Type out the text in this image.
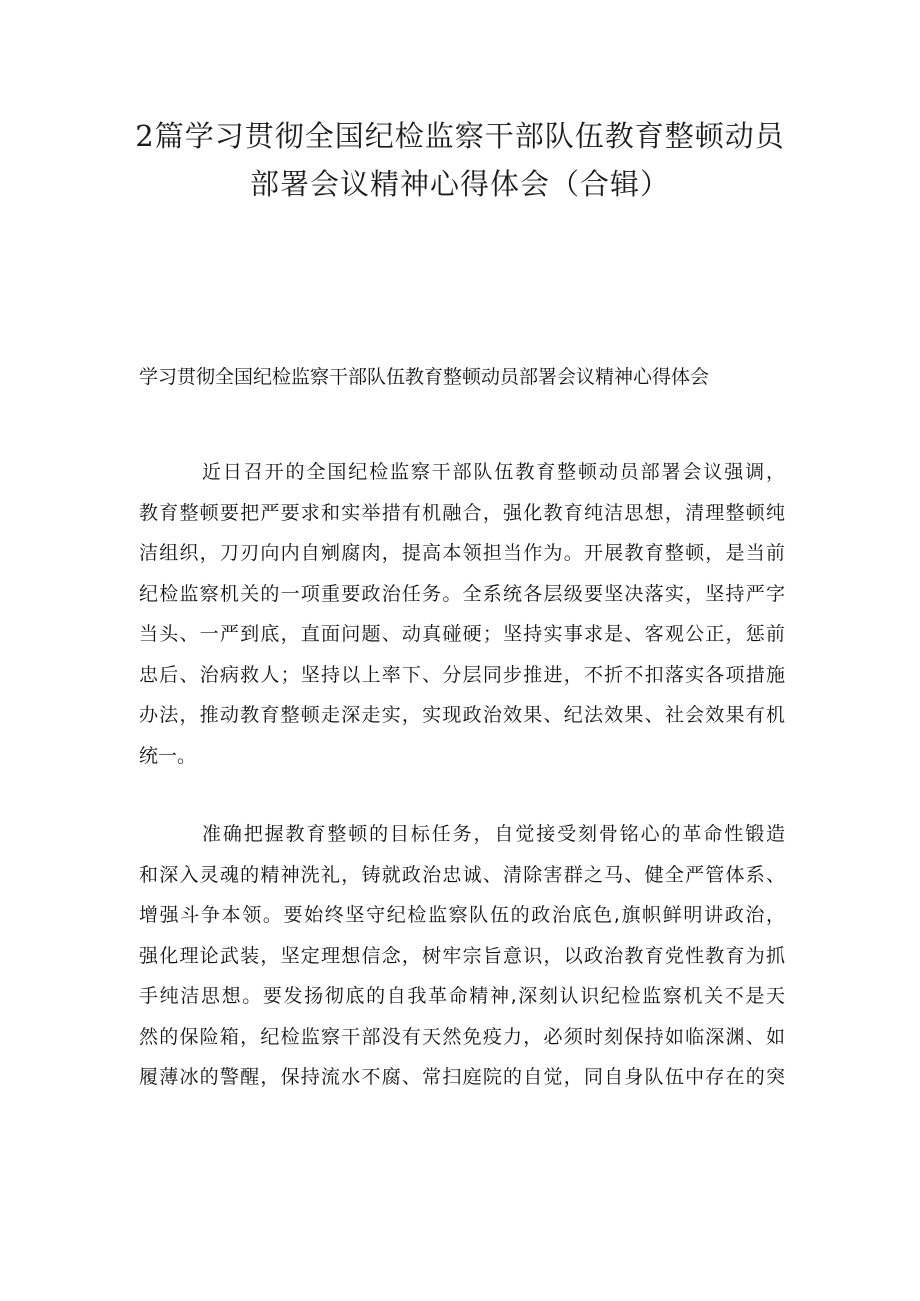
2篇学习贯彻全国纪检监察干部队伍教育整顿动员
部署会议精神心得体会（合辑）
学习贯彻全国纪检监察干部队伍教育整顿动员部署会议精神心得体会
近日召开的全国纪检监察干部队伍教育整顿动员部署会议强调，
教育整顿要把严要求和实举措有机融合，强化教育纯洁思想，清理整顿纯
洁组织，刀刃向内自剜腐肉，提高本领担当作为。开展教育整顿，是当前
纪检监察机关的一项重要政治任务。全系统各层级要坚决落实，坚持严字
当头、一严到底，直面问题、动真碰硬；坚持实事求是、客观公正，惩前
忠后、治病救人；坚持以上率下、分层同步推进，不折不扣落实各项措施
办法，推动教育整顿走深走实，实现政治效果、纪法效果、社会效果有机
统一。
准确把握教育整顿的目标任务，自觉接受刻骨铭心的革命性锻造
和深入灵魂的精神洗礼，铸就政治忠诚、清除害群之马、健全严管体系、
增强斗争本领。要始终坚守纪检监察队伍的政治底色,旗帜鲜明讲政治，
强化理论武装，坚定理想信念，树牢宗旨意识，以政治教育党性教育为抓
手纯洁思想。要发扬彻底的自我革命精神,深刻认识纪检监察机关不是天
然的保险箱，纪检监察干部没有天然免疫力，必须时刻保持如临深渊、如
履薄冰的警醒，保持流水不腐、常扫庭院的自觉，同自身队伍中存在的突
